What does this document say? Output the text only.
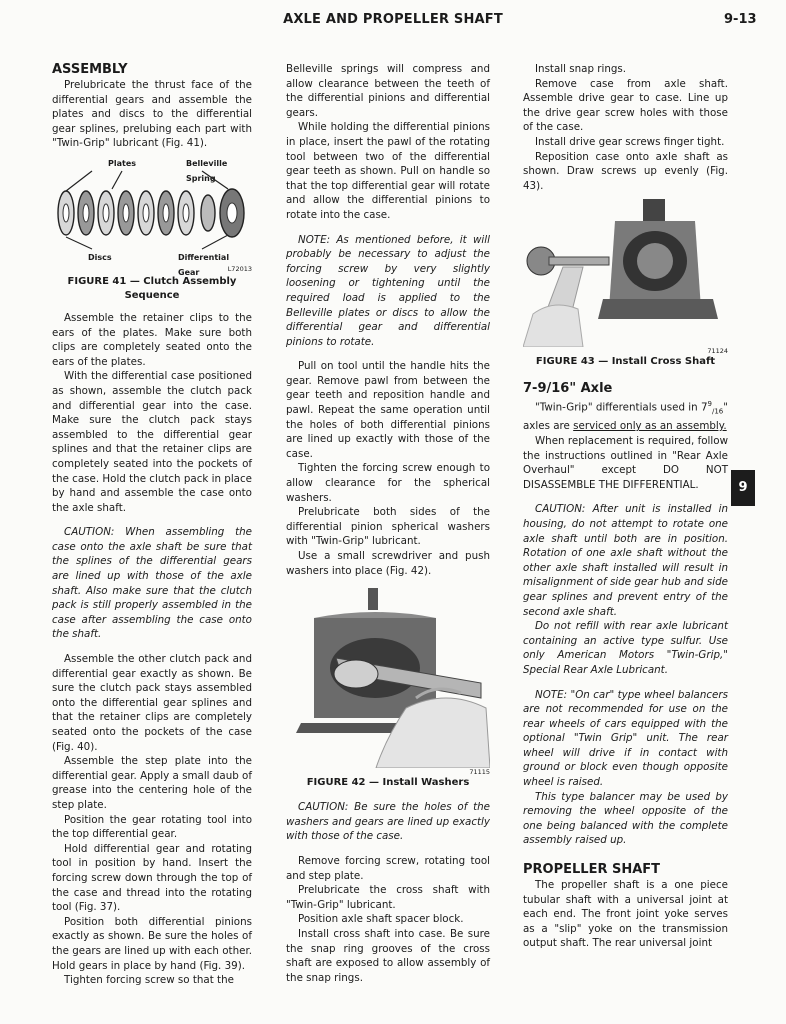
AXLE AND PROPELLER SHAFT	9-13
9
ASSEMBLY

Prelubricate the thrust face of the differential gears and assemble the plates and discs to the differential gear splines, prelubing each part with "Twin-Grip" lubricant (Fig. 41).

Plates	Belleville Spring
Discs	Differential Gear	L72013
FIGURE 41 — Clutch Assembly Sequence

Assemble the retainer clips to the ears of the plates. Make sure both clips are completely seated onto the ears of the plates.

With the differential case positioned as shown, assemble the clutch pack and differential gear into the case. Make sure the clutch pack stays assembled to the differential gear splines and that the retainer clips are completely seated into the pockets of the case. Hold the clutch pack in place by hand and assemble the case onto the axle shaft.

CAUTION: When assembling the case onto the axle shaft be sure that the splines of the differential gears are lined up with those of the axle shaft. Also make sure that the clutch pack is still properly assembled in the case after assembling the case onto the shaft.

Assemble the other clutch pack and differential gear exactly as shown. Be sure the clutch pack stays assembled onto the differential gear splines and that the retainer clips are completely seated onto the pockets of the case (Fig. 40).

Assemble the step plate into the differential gear. Apply a small daub of grease into the centering hole of the step plate.

Position the gear rotating tool into the top differential gear.

Hold differential gear and rotating tool in position by hand. Insert the forcing screw down through the top of the case and thread into the rotating tool (Fig. 37).

Position both differential pinions exactly as shown. Be sure the holes of the gears are lined up with each other. Hold gears in place by hand (Fig. 39).

Tighten forcing screw so that the

Belleville springs will compress and allow clearance between the teeth of the differential pinions and differential gears.

While holding the differential pinions in place, insert the pawl of the rotating tool between two of the differential gear teeth as shown. Pull on handle so that the top differential gear will rotate and allow the differential pinions to rotate into the case.

NOTE: As mentioned before, it will probably be necessary to adjust the forcing screw by very slightly loosening or tightening until the required load is applied to the Belleville plates or discs to allow the differential gear and differential pinions to rotate.

Pull on tool until the handle hits the gear. Remove pawl from between the gear teeth and reposition handle and pawl. Repeat the same operation until the holes of both differential pinions are lined up exactly with those of the case.

Tighten the forcing screw enough to allow clearance for the spherical washers.

Prelubricate both sides of the differential pinion spherical washers with "Twin-Grip" lubricant.

Use a small screwdriver and push washers into place (Fig. 42).

71115
FIGURE 42 — Install Washers

CAUTION: Be sure the holes of the washers and gears are lined up exactly with those of the case.

Remove forcing screw, rotating tool and step plate.

Prelubricate the cross shaft with "Twin-Grip" lubricant.

Position axle shaft spacer block.

Install cross shaft into case. Be sure the snap ring grooves of the cross shaft are exposed to allow assembly of the snap rings.

Install snap rings.

Remove case from axle shaft. Assemble drive gear to case. Line up the drive gear screw holes with those of the case.

Install drive gear screws finger tight.

Reposition case onto axle shaft as shown. Draw screws up evenly (Fig. 43).

71124
FIGURE 43 — Install Cross Shaft
7-9/16" Axle

"Twin-Grip" differentials used in $7^9_{/16}$" axles are serviced only as an assembly.

When replacement is required, follow the instructions outlined in "Rear Axle Overhaul" except DO NOT DISASSEMBLE THE DIFFERENTIAL.

CAUTION: After unit is installed in housing, do not attempt to rotate one axle shaft until both are in position. Rotation of one axle shaft without the other axle shaft installed will result in misalignment of side gear hub and side gear splines and prevent entry of the second axle shaft.

Do not refill with rear axle lubricant containing an active type sulfur. Use only American Motors "Twin-Grip," Special Rear Axle Lubricant.

NOTE: "On car" type wheel balancers are not recommended for use on the rear wheels of cars equipped with the optional "Twin Grip" unit. The rear wheel will drive if in contact with ground or block even though opposite wheel is raised.

This type balancer may be used by removing the wheel opposite of the one being balanced with the complete assembly raised up.

PROPELLER SHAFT

The propeller shaft is a one piece tubular shaft with a universal joint at each end. The front joint yoke serves as a "slip" yoke on the transmission output shaft. The rear universal joint
